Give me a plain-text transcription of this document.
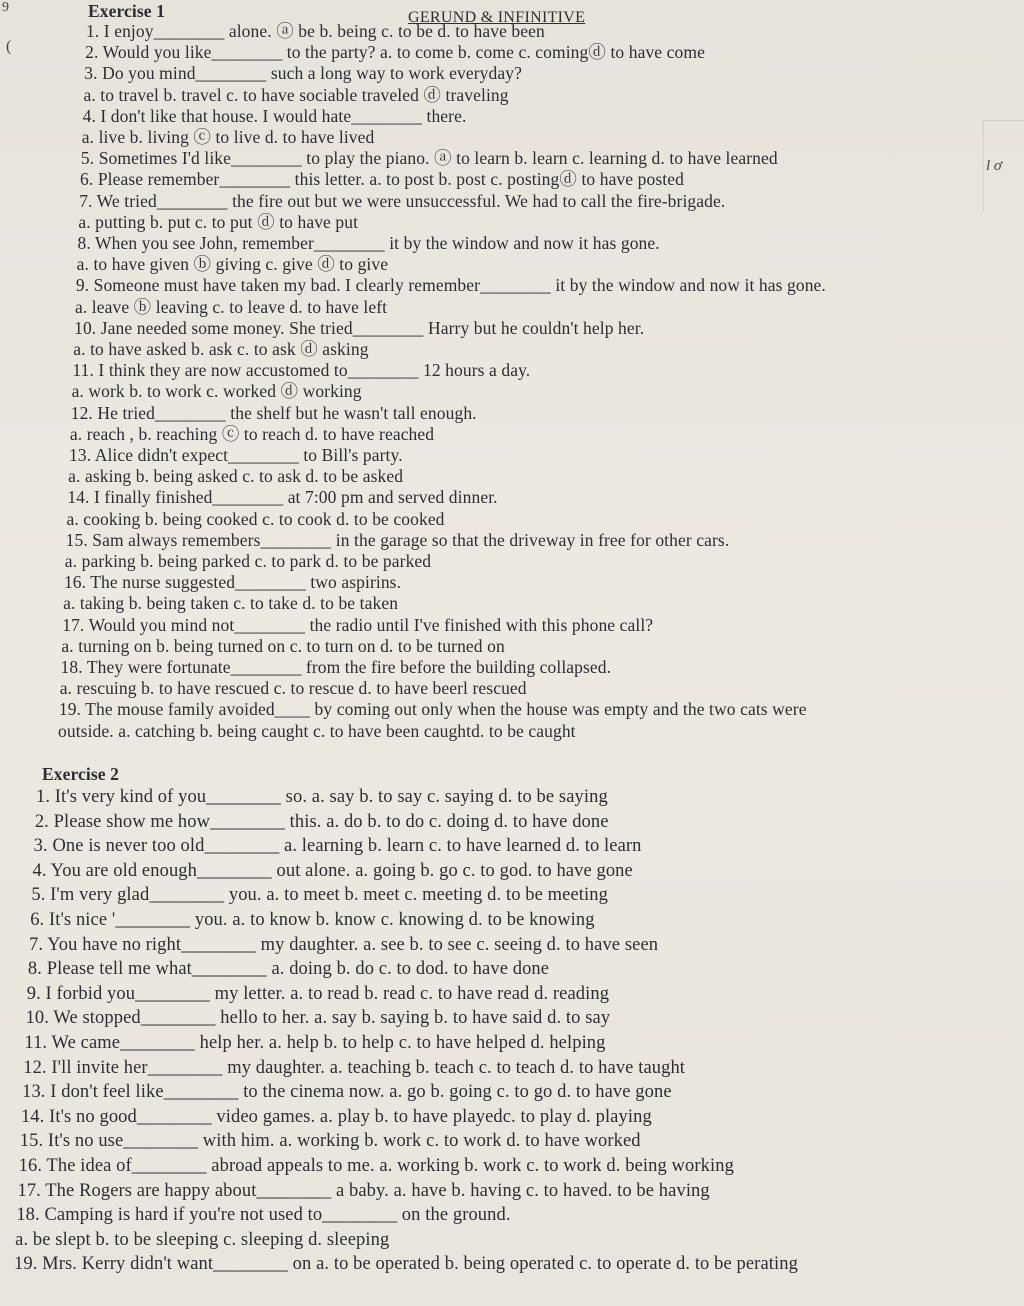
9
(
Ɩ ơ
Exercise 1	GERUND & INFINITIVE
1. I enjoy________ alone. ⓐ be b. being c. to be d. to have been
2. Would you like________ to the party? a. to come b. come c. comingⓓ to have come
3. Do you mind________ such a long way to work everyday?
a. to travel b. travel c. to have sociable traveled ⓓ traveling
4. I don't like that house. I would hate________ there.
a. live b. living ⓒ to live d. to have lived
5. Sometimes I'd like________ to play the piano. ⓐ to learn b. learn c. learning d. to have learned
6. Please remember________ this letter. a. to post b. post c. postingⓓ to have posted
7. We tried________ the fire out but we were unsuccessful. We had to call the fire-brigade.
a. putting b. put c. to put ⓓ to have put
8. When you see John, remember________ it by the window and now it has gone.
a. to have given ⓑ giving c. give ⓓ to give
9. Someone must have taken my bad. I clearly remember________ it by the window and now it has gone.
a. leave ⓑ leaving c. to leave d. to have left
10. Jane needed some money. She tried________ Harry but he couldn't help her.
a. to have asked b. ask c. to ask ⓓ asking
11. I think they are now accustomed to________ 12 hours a day.
a. work b. to work c. worked ⓓ working
12. He tried________ the shelf but he wasn't tall enough.
a. reach , b. reaching ⓒ to reach d. to have reached
13. Alice didn't expect________ to Bill's party.
a. asking b. being asked c. to ask d. to be asked
14. I finally finished________ at 7:00 pm and served dinner.
a. cooking b. being cooked c. to cook d. to be cooked
15. Sam always remembers________ in the garage so that the driveway in free for other cars.
a. parking b. being parked c. to park d. to be parked
16. The nurse suggested________ two aspirins.
a. taking b. being taken c. to take d. to be taken
17. Would you mind not________ the radio until I've finished with this phone call?
a. turning on b. being turned on c. to turn on d. to be turned on
18. They were fortunate________ from the fire before the building collapsed.
a. rescuing b. to have rescued c. to rescue d. to have beerl rescued
19. The mouse family avoided____ by coming out only when the house was empty and the two cats were
outside. a. catching b. being caught c. to have been caughtd. to be caught
Exercise 2
1. It's very kind of you________ so. a. say b. to say c. saying d. to be saying
2. Please show me how________ this. a. do b. to do c. doing d. to have done
3. One is never too old________ a. learning b. learn c. to have learned d. to learn
4. You are old enough________ out alone. a. going b. go c. to god. to have gone
5. I'm very glad________ you. a. to meet b. meet c. meeting d. to be meeting
6. It's nice '________ you. a. to know b. know c. knowing d. to be knowing
7. You have no right________ my daughter. a. see b. to see c. seeing d. to have seen
8. Please tell me what________ a. doing b. do c. to dod. to have done
9. I forbid you________ my letter. a. to read b. read c. to have read d. reading
10. We stopped________ hello to her. a. say b. saying b. to have said d. to say
11. We came________ help her. a. help b. to help c. to have helped d. helping
12. I'll invite her________ my daughter. a. teaching b. teach c. to teach d. to have taught
13. I don't feel like________ to the cinema now. a. go b. going c. to go d. to have gone
14. It's no good________ video games. a. play b. to have playedc. to play d. playing
15. It's no use________ with him. a. working b. work c. to work d. to have worked
16. The idea of________ abroad appeals to me. a. working b. work c. to work d. being working
17. The Rogers are happy about________ a baby. a. have b. having c. to haved. to be having
18. Camping is hard if you're not used to________ on the ground.
a. be slept b. to be sleeping c. sleeping d. sleeping
19. Mrs. Kerry didn't want________ on a. to be operated b. being operated c. to operate d. to be perating
